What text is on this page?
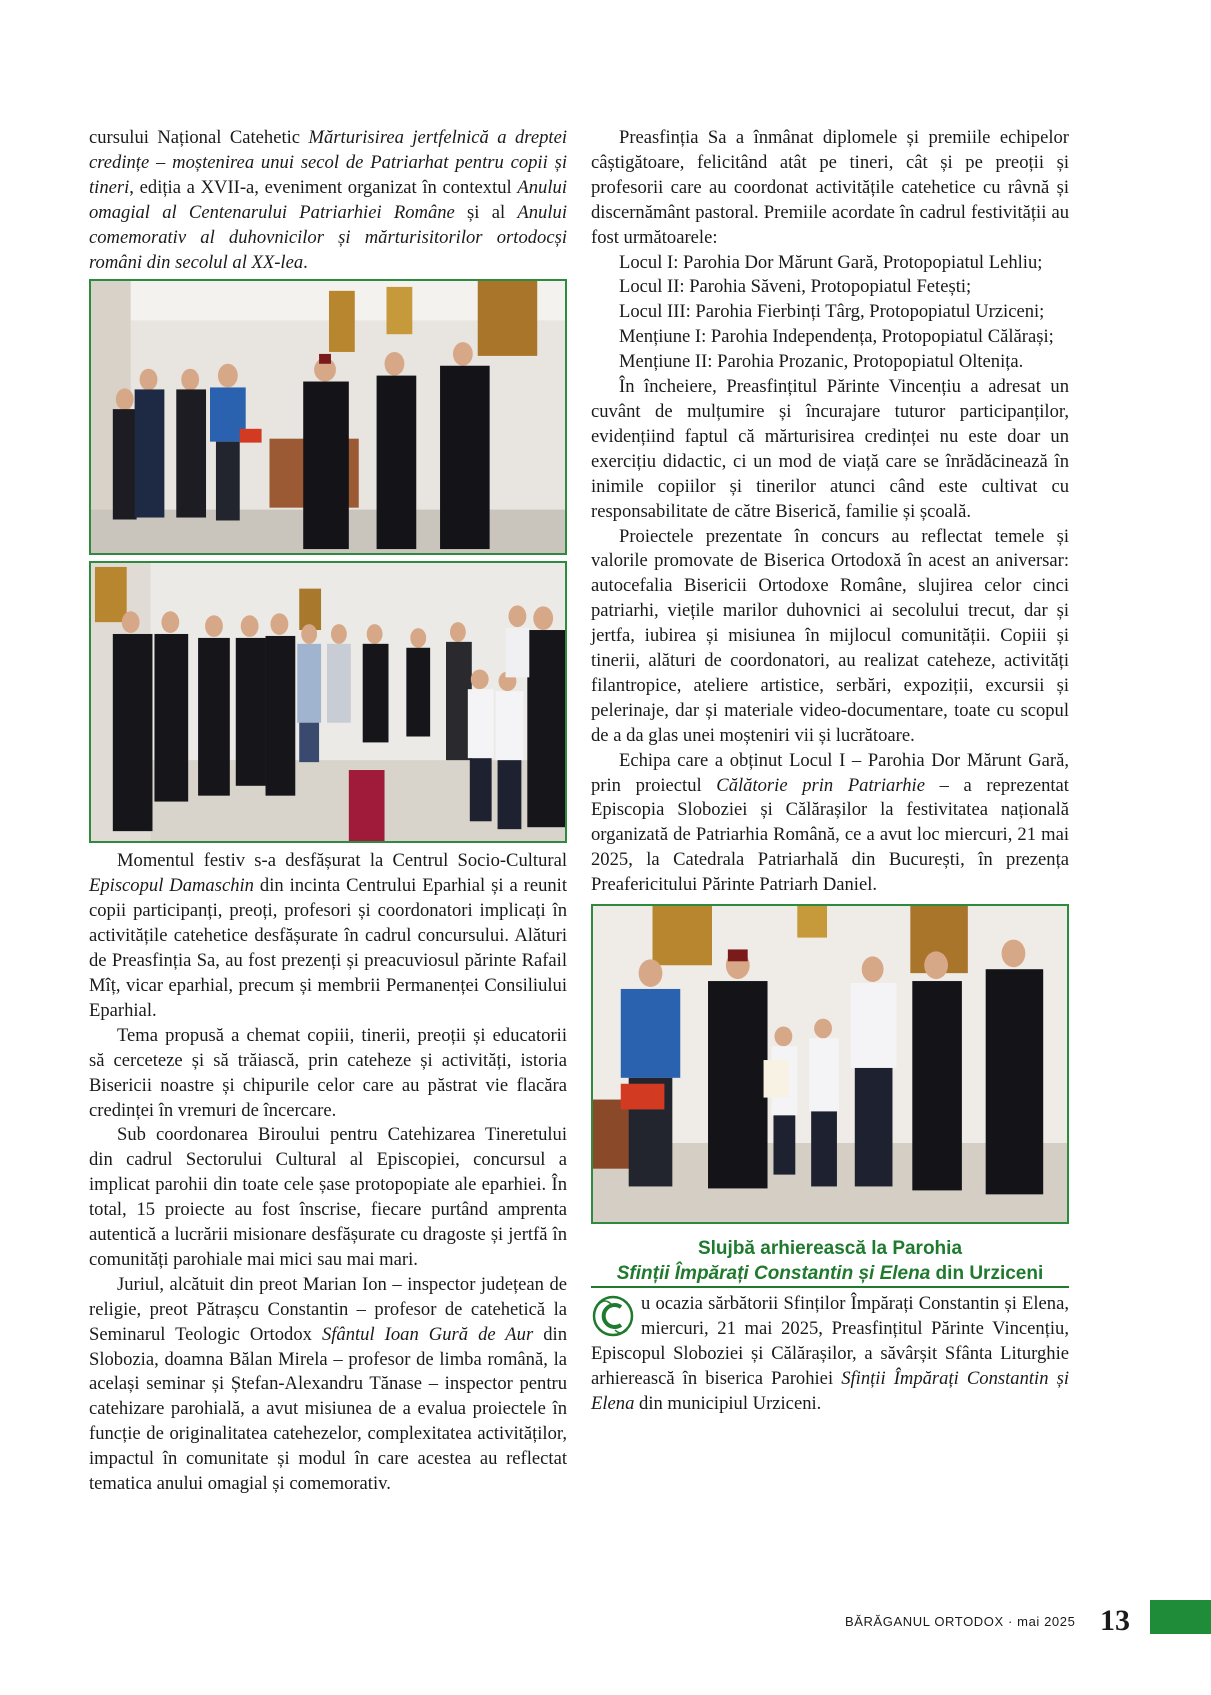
cursului Național Catehetic Mărturisirea jertfelnică a dreptei credințe – moștenirea unui secol de Patriarhat pentru copii și tineri, ediția a XVII-a, eveniment organizat în contextul Anului omagial al Centenarului Patriarhiei Române și al Anului comemorativ al duhovnicilor și mărturisitorilor ortodocși români din secolul al XX-lea.

Momentul festiv s-a desfășurat la Centrul Socio-Cultural Episcopul Damaschin din incinta Centrului Eparhial și a reunit copii participanți, preoți, profesori și coordonatori implicați în activitățile catehetice desfășurate în cadrul concursului. Alături de Preasfinția Sa, au fost prezenți și preacuviosul părinte Rafail Mîț, vicar eparhial, precum și membrii Permanenței Consiliului Eparhial.

Tema propusă a chemat copiii, tinerii, preoții și educatorii să cerceteze și să trăiască, prin cateheze și activități, istoria Bisericii noastre și chipurile celor care au păstrat vie flacăra credinței în vremuri de încercare.

Sub coordonarea Biroului pentru Catehizarea Tineretului din cadrul Sectorului Cultural al Episcopiei, concursul a implicat parohii din toate cele șase protopopiate ale eparhiei. În total, 15 proiecte au fost înscrise, fiecare purtând amprenta autentică a lucrării misionare desfășurate cu dragoste și jertfă în comunități parohiale mai mici sau mai mari.

Juriul, alcătuit din preot Marian Ion – inspector județean de religie, preot Pătrașcu Constantin – profesor de catehetică la Seminarul Teologic Ortodox Sfântul Ioan Gură de Aur din Slobozia, doamna Bălan Mirela – profesor de limba română, la același seminar și Ștefan-Alexandru Tănase – inspector pentru catehizare parohială, a avut misiunea de a evalua proiectele în funcție de originalitatea catehezelor, complexitatea activităților, impactul în comunitate și modul în care acestea au reflectat tematica anului omagial și comemorativ.

Preasfinția Sa a înmânat diplomele și premiile echipelor câștigătoare, felicitând atât pe tineri, cât și pe preoții și profesorii care au coordonat activitățile catehetice cu râvnă și discernământ pastoral. Premiile acordate în cadrul festivității au fost următoarele:

Locul I: Parohia Dor Mărunt Gară, Protopopiatul Lehliu;

Locul II: Parohia Săveni, Protopopiatul Fetești;

Locul III: Parohia Fierbinți Târg, Protopopiatul Urziceni;

Mențiune I: Parohia Independența, Protopopiatul Călărași;

Mențiune II: Parohia Prozanic, Protopopiatul Oltenița.

În încheiere, Preasfințitul Părinte Vincențiu a adresat un cuvânt de mulțumire și încurajare tuturor participanților, evidențiind faptul că mărturisirea credinței nu este doar un exercițiu didactic, ci un mod de viață care se înrădăcinează în inimile copiilor și tinerilor atunci când este cultivat cu responsabilitate de către Biserică, familie și școală.

Proiectele prezentate în concurs au reflectat temele și valorile promovate de Biserica Ortodoxă în acest an aniversar: autocefalia Bisericii Ortodoxe Române, slujirea celor cinci patriarhi, viețile marilor duhovnici ai secolului trecut, dar și jertfa, iubirea și misiunea în mijlocul comunității. Copiii și tinerii, alături de coordonatori, au realizat cateheze, activități filantropice, ateliere artistice, serbări, expoziții, excursii și pelerinaje, dar și materiale video-documentare, toate cu scopul de a da glas unei moșteniri vii și lucrătoare.

Echipa care a obținut Locul I – Parohia Dor Mărunt Gară, prin proiectul Călătorie prin Patriarhie – a reprezentat Episcopia Sloboziei și Călărașilor la festivitatea națională organizată de Patriarhia Română, ce a avut loc miercuri, 21 mai 2025, la Catedrala Patriarhală din București, în prezența Preafericitului Părinte Patriarh Daniel.

Slujbă arhierească la Parohia
Sfinții Împărați Constantin și Elena din Urziceni

u ocazia sărbătorii Sfinților Împărați Constantin și Elena, miercuri, 21 mai 2025, Preasfințitul Părinte Vincențiu, Episcopul Sloboziei și Călărașilor, a săvârșit Sfânta Liturghie arhierească în biserica Parohiei Sfinții Împărați Constantin și Elena din municipiul Urziceni.

BĂRĂGANUL ORTODOX · mai 2025 13
